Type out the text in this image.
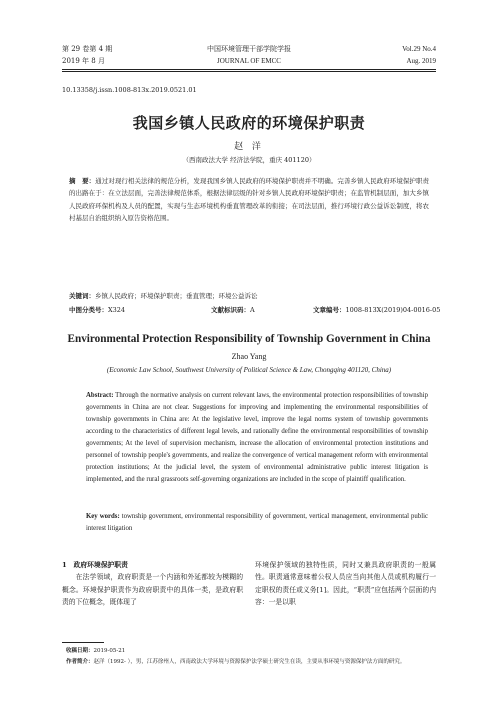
第 29 卷第 4 期
2019 年 8 月
中国环境管理干部学院学报
JOURNAL OF EMCC
Vol.29 No.4
Aug. 2019
10.13358/j.issn.1008-813x.2019.0521.01
我国乡镇人民政府的环境保护职责
赵 洋
（西南政法大学 经济法学院，重庆 401120）
摘　要：通过对现行相关法律的规范分析，发现我国乡镇人民政府的环境保护职责并不明确。完善乡镇人民政府环境保护职责的出路在于：在立法层面，完善法律规范体系，根据法律层级的针对乡镇人民政府环境保护职责；在监管机制层面，加大乡镇人民政府环保机构及人员的配置，实现与生态环境机构垂直管理改革的衔接；在司法层面，推行环境行政公益诉讼制度，将农村基层自治组织纳入原告资格范围。
关键词：乡镇人民政府；环境保护职责；垂直管理；环境公益诉讼
中图分类号：X324	文献标识码：A	文章编号：1008-813X(2019)04-0016-05
Environmental Protection Responsibility of Township Government in China
Zhao Yang
(Economic Law School, Southwest University of Political Science & Law, Chongqing 401120, China)
Abstract: Through the normative analysis on current relevant laws, the environmental protection responsibilities of township governments in China are not clear. Suggestions for improving and implementing the environmental responsibilities of township governments in China are: At the legislative level, improve the legal norms system of township governments according to the characteristics of different legal levels, and rationally define the environmental responsibilities of township governments; At the level of supervision mechanism, increase the allocation of environmental protection institutions and personnel of township people's governments, and realize the convergence of vertical management reform with environmental protection institutions; At the judicial level, the system of environmental administrative public interest litigation is implemented, and the rural grassroots self-governing organizations are included in the scope of plaintiff qualification.
Key words: township government, environmental responsibility of government, vertical management, environmental public interest litigation
1　政府环境保护职责
在法学领域，政府职责是一个内涵和外延都较为模糊的概念。环境保护职责作为政府职责中的具体一类，是政府职责的下位概念，既体现了
环境保护领域的独特性质，同时又兼具政府职责的一般属性。职责通常意味着公权人员应当向其他人员或机构履行一定职权的责任或义务[1]。因此，“职责”应包括两个层面的内容：一是以职
收稿日期：2019-05-21
作者简介：赵洋（1992- ），男，江苏徐州人，西南政法大学环境与资源保护法学硕士研究生在读，主要从事环境与资源保护法方面的研究。
